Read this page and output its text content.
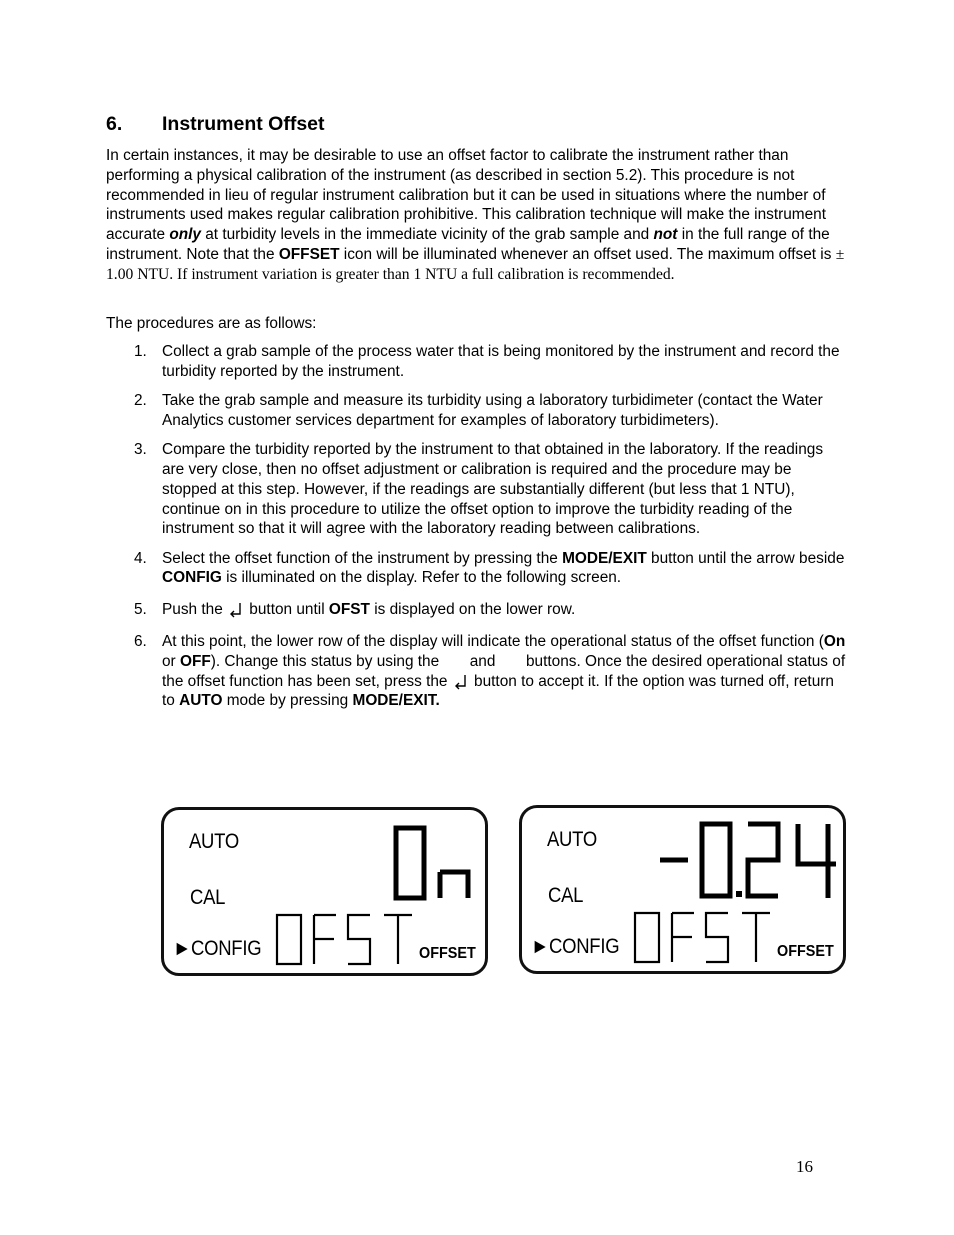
6. Instrument Offset

In certain instances, it may be desirable to use an offset factor to calibrate the instrument rather than performing a physical calibration of the instrument (as described in section 5.2). This procedure is not recommended in lieu of regular instrument calibration but it can be used in situations where the number of instruments used makes regular calibration prohibitive. This calibration technique will make the instrument accurate only at turbidity levels in the immediate vicinity of the grab sample and not in the full range of the instrument. Note that the OFFSET icon will be illuminated whenever an offset used. The maximum offset is ± 1.00 NTU. If instrument variation is greater than 1 NTU a full calibration is recommended.

The procedures are as follows:

1. Collect a grab sample of the process water that is being monitored by the instrument and record the turbidity reported by the instrument.
2. Take the grab sample and measure its turbidity using a laboratory turbidimeter (contact the Water Analytics customer services department for examples of laboratory turbidimeters).
3. Compare the turbidity reported by the instrument to that obtained in the laboratory. If the readings are very close, then no offset adjustment or calibration is required and the procedure may be stopped at this step. However, if the readings are substantially different (but less that 1 NTU), continue on in this procedure to utilize the offset option to improve the turbidity reading of the instrument so that it will agree with the laboratory reading between calibrations.
4. Select the offset function of the instrument by pressing the MODE/EXIT button until the arrow beside CONFIG is illuminated on the display. Refer to the following screen.
5. Push the  button until OFST is displayed on the lower row.
6. At this point, the lower row of the display will indicate the operational status of the offset function (On or OFF). Change this status by using the  and  buttons. Once the desired operational status of the offset function has been set, press the  button to accept it. If the option was turned off, return to AUTO mode by pressing MODE/EXIT.
AUTO
CAL
►CONFIG	OFFSET
AUTO
CAL
►CONFIG	OFFSET

16
